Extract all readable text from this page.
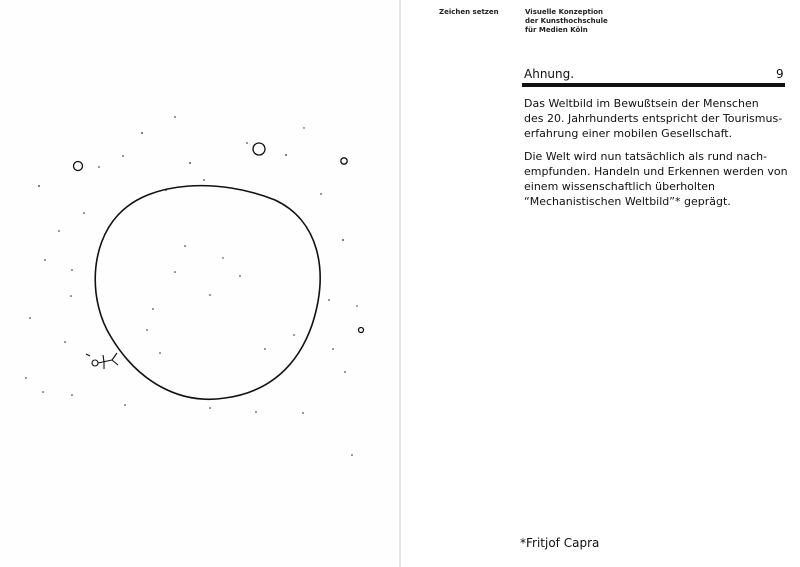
Zeichen setzen	Visuelle Konzeption
der Kunsthochschule
für Medien Köln
Ahnung.	9

Das Weltbild im Bewußtsein der Menschen
des 20. Jahrhunderts entspricht der Tourismus-
erfahrung einer mobilen Gesellschaft.

Die Welt wird nun tatsächlich als rund nach-
empfunden. Handeln und Erkennen werden von
einem wissenschaftlich überholten
“Mechanistischen Weltbild”* geprägt.

*Fritjof Capra
